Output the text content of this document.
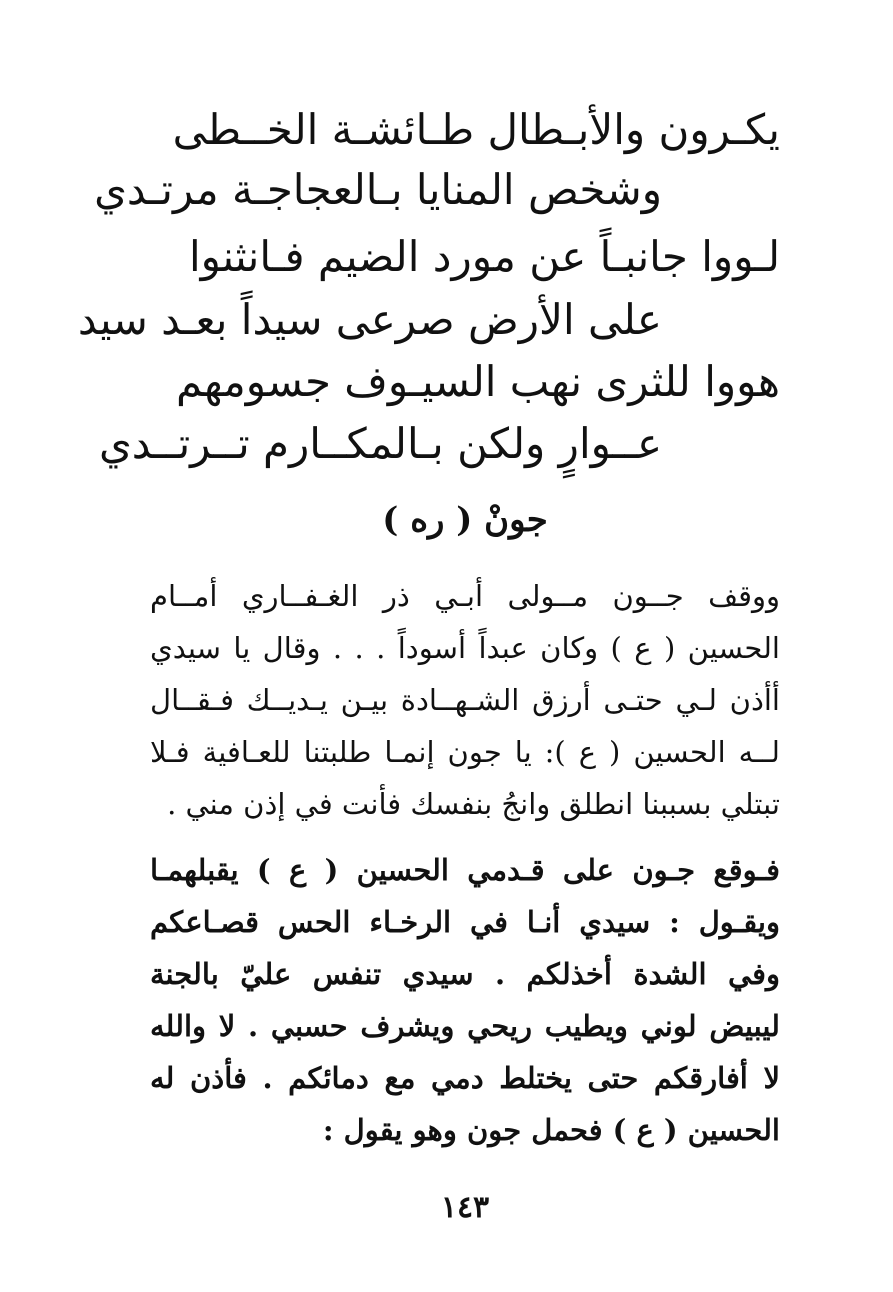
يكـرون والأبـطال طـائشـة الخــطى
وشخص المنايا بـالعجاجـة مرتـدي
لـووا جانبـاً عن مورد الضيم فـانثنوا
على الأرض صرعى سيداً بعـد سيد
هووا للثرى نهب السيـوف جسومهم
عــوارٍ ولكن بـالمكــارم تــرتــدي
جونْ ( ره )

ووقف جــون مــولى أبـي ذر الغـفــاري أمــام الحسين ( ع ) وكان عبداً أسوداً . . . وقال يا سيدي أأذن لـي حتـى أرزق الشـهــادة بيـن يـديــك فـقــال لــه الحسين ( ع ): يا جون إنمـا طلبتنا للعـافية فـلا تبتلي بسببنا انطلق وانجُ بنفسك فأنت في إذن مني .

فـوقع جـون على قـدمي الحسين ( ع ) يقبلهمـا ويقـول : سيدي أنـا في الرخـاء الحس قصـاعكم وفي الشدة أخذلكم . سيدي تنفس عليّ بالجنة ليبيض لوني ويطيب ريحي ويشرف حسبي . لا والله لا أفارقكم حتى يختلط دمي مع دمائكم . فأذن له الحسين ( ع ) فحمل جون وهو يقول :

١٤٣
